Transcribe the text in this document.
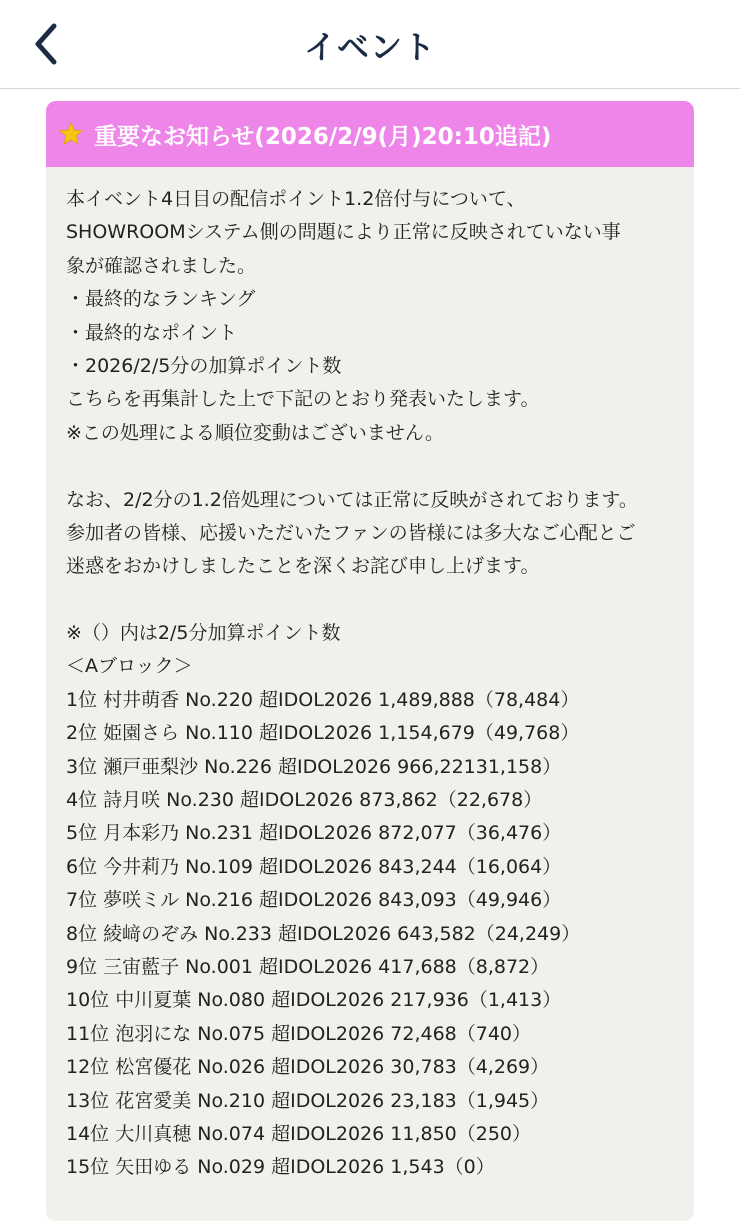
イベント
重要なお知らせ(2026/2/9(月)20:10追記)
本イベント4日目の配信ポイント1.2倍付与について、
SHOWROOMシステム側の問題により正常に反映されていない事
象が確認されました。
・最終的なランキング
・最終的なポイント
・2026/2/5分の加算ポイント数
こちらを再集計した上で下記のとおり発表いたします。
※この処理による順位変動はございません。
なお、2/2分の1.2倍処理については正常に反映がされております。
参加者の皆様、応援いただいたファンの皆様には多大なご心配とご
迷惑をおかけしましたことを深くお詫び申し上げます。
※（）内は2/5分加算ポイント数
＜Aブロック＞
1位 村井萌香 No.220 超IDOL2026 1,489,888（78,484）
2位 姫園さら No.110 超IDOL2026 1,154,679（49,768）
3位 瀬戸亜梨沙 No.226 超IDOL2026 966,22131,158）
4位 詩月咲 No.230 超IDOL2026 873,862（22,678）
5位 月本彩乃 No.231 超IDOL2026 872,077（36,476）
6位 今井莉乃 No.109 超IDOL2026 843,244（16,064）
7位 夢咲ミル No.216 超IDOL2026 843,093（49,946）
8位 綾﨑のぞみ No.233 超IDOL2026 643,582（24,249）
9位 三宙藍子 No.001 超IDOL2026 417,688（8,872）
10位 中川夏葉 No.080 超IDOL2026 217,936（1,413）
11位 泡羽にな No.075 超IDOL2026 72,468（740）
12位 松宮優花 No.026 超IDOL2026 30,783（4,269）
13位 花宮愛美 No.210 超IDOL2026 23,183（1,945）
14位 大川真穂 No.074 超IDOL2026 11,850（250）
15位 矢田ゆる No.029 超IDOL2026 1,543（0）
